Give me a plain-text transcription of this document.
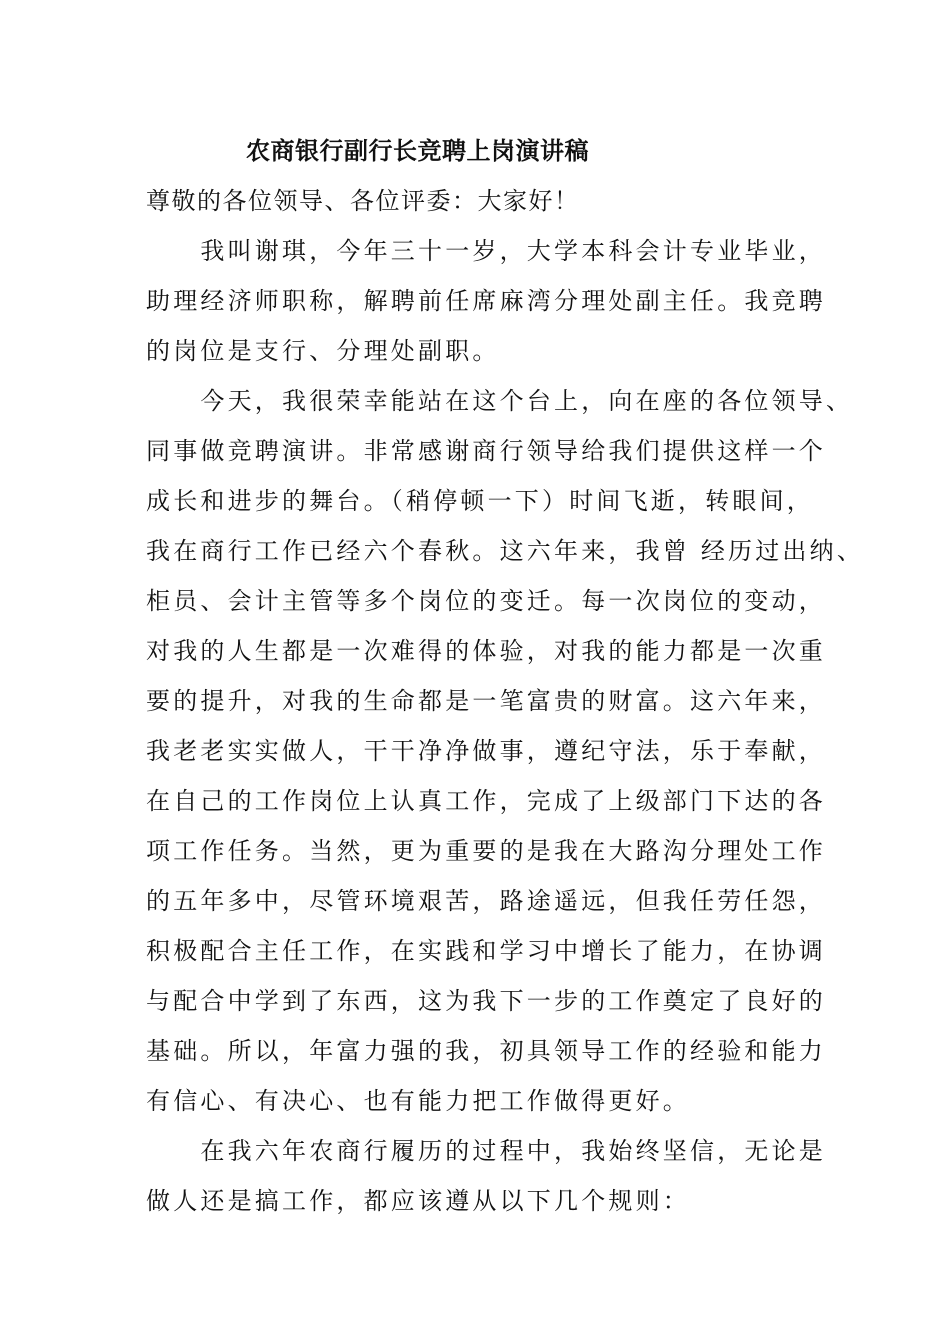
农商银行副行长竞聘上岗演讲稿
尊敬的各位领导、各位评委：大家好！
　　我叫谢琪，今年三十一岁，大学本科会计专业毕业，
助理经济师职称，解聘前任席麻湾分理处副主任。我竞聘
的岗位是支行、分理处副职。
　　今天，我很荣幸能站在这个台上，向在座的各位领导、
同事做竞聘演讲。非常感谢商行领导给我们提供这样一个
成长和进步的舞台。（稍停顿一下）时间飞逝，转眼间，
我在商行工作已经六个春秋。这六年来，我曾 经历过出纳、
柜员、会计主管等多个岗位的变迁。每一次岗位的变动，
对我的人生都是一次难得的体验，对我的能力都是一次重
要的提升，对我的生命都是一笔富贵的财富。这六年来，
我老老实实做人，干干净净做事，遵纪守法，乐于奉献，
在自己的工作岗位上认真工作，完成了上级部门下达的各
项工作任务。当然，更为重要的是我在大路沟分理处工作
的五年多中，尽管环境艰苦，路途遥远，但我任劳任怨，
积极配合主任工作，在实践和学习中增长了能力，在协调
与配合中学到了东西，这为我下一步的工作奠定了良好的
基础。所以，年富力强的我，初具领导工作的经验和能力
有信心、有决心、也有能力把工作做得更好。
　　在我六年农商行履历的过程中，我始终坚信，无论是
做人还是搞工作，都应该遵从以下几个规则：
